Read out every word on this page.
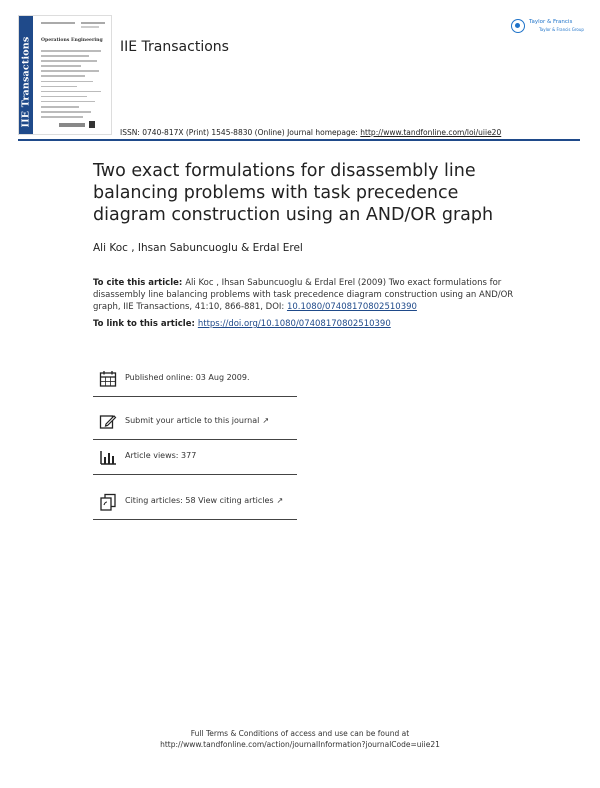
IIE Transactions Operations Engineering IIE Transactions
Taylor & Francis
Taylor & Francis Group
ISSN: 0740-817X (Print) 1545-8830 (Online) Journal homepage: http://www.tandfonline.com/loi/uiie20
Two exact formulations for disassembly line balancing problems with task precedence diagram construction using an AND/OR graph
Ali Koc , Ihsan Sabuncuoglu & Erdal Erel
To cite this article: Ali Koc , Ihsan Sabuncuoglu & Erdal Erel (2009) Two exact formulations for disassembly line balancing problems with task precedence diagram construction using an AND/OR graph, IIE Transactions, 41:10, 866-881, DOI: 10.1080/07408170802510390
To link to this article: https://doi.org/10.1080/07408170802510390
Published online: 03 Aug 2009.
Submit your article to this journal ↗
Article views: 377
Citing articles: 58 View citing articles ↗
Full Terms & Conditions of access and use can be found at
http://www.tandfonline.com/action/journalInformation?journalCode=uiie21
